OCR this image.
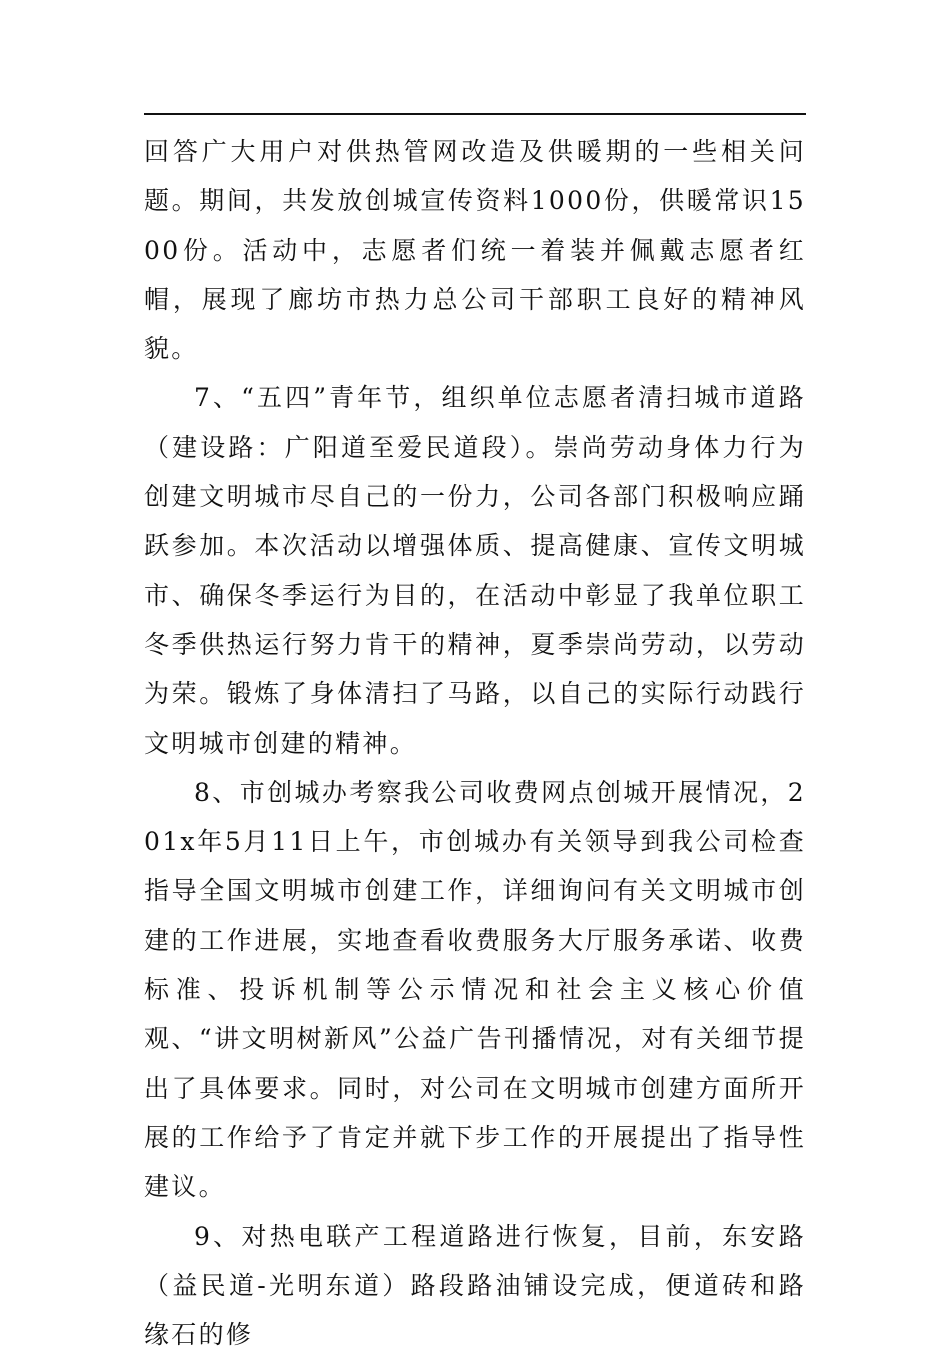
回答广大用户对供热管网改造及供暖期的一些相关问题。期间，共发放创城宣传资料1000份，供暖常识1500份。活动中，志愿者们统一着装并佩戴志愿者红帽，展现了廊坊市热力总公司干部职工良好的精神风貌。

7、“五四”青年节，组织单位志愿者清扫城市道路（建设路：广阳道至爱民道段）。崇尚劳动身体力行为创建文明城市尽自己的一份力，公司各部门积极响应踊跃参加。本次活动以增强体质、提高健康、宣传文明城市、确保冬季运行为目的，在活动中彰显了我单位职工冬季供热运行努力肯干的精神，夏季崇尚劳动，以劳动为荣。锻炼了身体清扫了马路，以自己的实际行动践行文明城市创建的精神。

8、市创城办考察我公司收费网点创城开展情况，201x年5月11日上午，市创城办有关领导到我公司检查指导全国文明城市创建工作，详细询问有关文明城市创建的工作进展，实地查看收费服务大厅服务承诺、收费标准、投诉机制等公示情况和社会主义核心价值观、“讲文明树新风”公益广告刊播情况，对有关细节提出了具体要求。同时，对公司在文明城市创建方面所开展的工作给予了肯定并就下步工作的开展提出了指导性建议。

9、对热电联产工程道路进行恢复，目前，东安路（益民道-光明东道）路段路油铺设完成，便道砖和路缘石的修
